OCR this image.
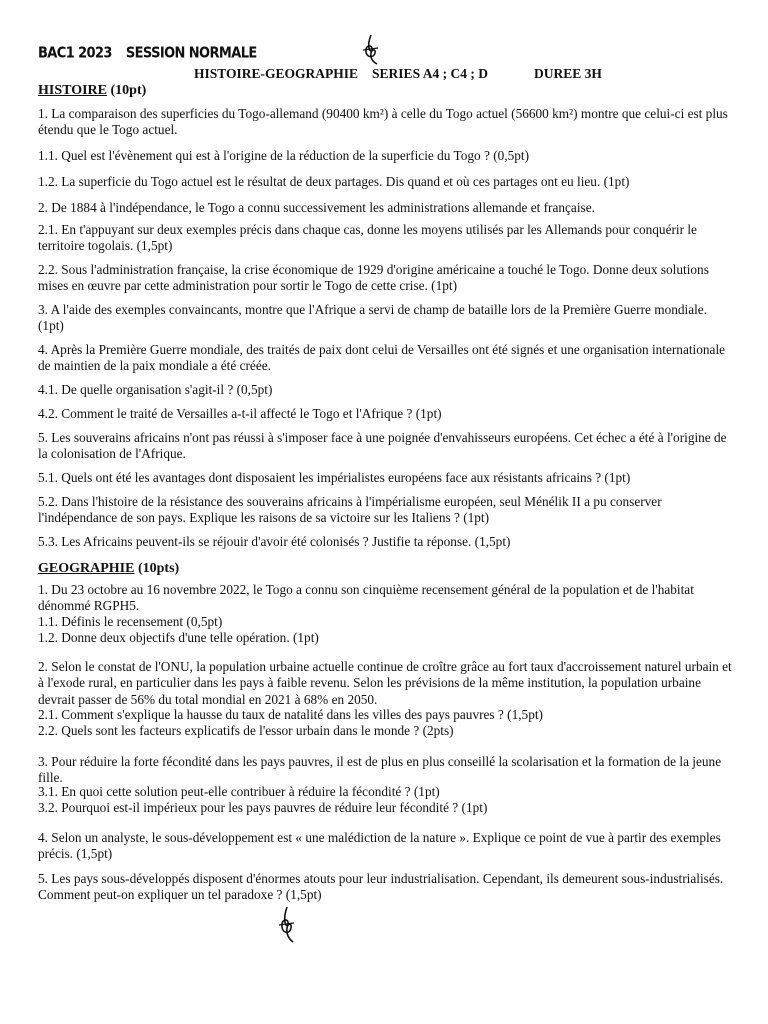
BAC1 2023 SESSION NORMALE
HISTOIRE-GEOGRAPHIE SERIES A4 ; C4 ; D	DUREE 3H
HISTOIRE (10pt)

1. La comparaison des superficies du Togo-allemand (90400 km²) à celle du Togo actuel (56600 km²) montre que celui-ci est plus étendu que le Togo actuel.

1.1. Quel est l'évènement qui est à l'origine de la réduction de la superficie du Togo ? (0,5pt)

1.2. La superficie du Togo actuel est le résultat de deux partages. Dis quand et où ces partages ont eu lieu. (1pt)

2. De 1884 à l'indépendance, le Togo a connu successivement les administrations allemande et française.

2.1. En t'appuyant sur deux exemples précis dans chaque cas, donne les moyens utilisés par les Allemands pour conquérir le territoire togolais. (1,5pt)

2.2. Sous l'administration française, la crise économique de 1929 d'origine américaine a touché le Togo. Donne deux solutions mises en œuvre par cette administration pour sortir le Togo de cette crise. (1pt)

3. A l'aide des exemples convaincants, montre que l'Afrique a servi de champ de bataille lors de la Première Guerre mondiale. (1pt)

4. Après la Première Guerre mondiale, des traités de paix dont celui de Versailles ont été signés et une organisation internationale de maintien de la paix mondiale a été créée.

4.1. De quelle organisation s'agit-il ? (0,5pt)

4.2. Comment le traité de Versailles a-t-il affecté le Togo et l'Afrique ? (1pt)

5. Les souverains africains n'ont pas réussi à s'imposer face à une poignée d'envahisseurs européens. Cet échec a été à l'origine de la colonisation de l'Afrique.

5.1. Quels ont été les avantages dont disposaient les impérialistes européens face aux résistants africains ? (1pt)

5.2. Dans l'histoire de la résistance des souverains africains à l'impérialisme européen, seul Ménélik II a pu conserver l'indépendance de son pays. Explique les raisons de sa victoire sur les Italiens ? (1pt)

5.3. Les Africains peuvent-ils se réjouir d'avoir été colonisés ? Justifie ta réponse. (1,5pt)

GEOGRAPHIE (10pts)

1. Du 23 octobre au 16 novembre 2022, le Togo a connu son cinquième recensement général de la population et de l'habitat dénommé RGPH5.

1.1. Définis le recensement (0,5pt)

1.2. Donne deux objectifs d'une telle opération. (1pt)

2. Selon le constat de l'ONU, la population urbaine actuelle continue de croître grâce au fort taux d'accroissement naturel urbain et à l'exode rural, en particulier dans les pays à faible revenu. Selon les prévisions de la même institution, la population urbaine devrait passer de 56% du total mondial en 2021 à 68% en 2050.

2.1. Comment s'explique la hausse du taux de natalité dans les villes des pays pauvres ? (1,5pt)

2.2. Quels sont les facteurs explicatifs de l'essor urbain dans le monde ? (2pts)

3. Pour réduire la forte fécondité dans les pays pauvres, il est de plus en plus conseillé la scolarisation et la formation de la jeune fille.

3.1. En quoi cette solution peut-elle contribuer à réduire la fécondité ? (1pt)

3.2. Pourquoi est-il impérieux pour les pays pauvres de réduire leur fécondité ? (1pt)

4. Selon un analyste, le sous-développement est « une malédiction de la nature ». Explique ce point de vue à partir des exemples précis. (1,5pt)

5. Les pays sous-développés disposent d'énormes atouts pour leur industrialisation. Cependant, ils demeurent sous-industrialisés. Comment peut-on expliquer un tel paradoxe ? (1,5pt)
